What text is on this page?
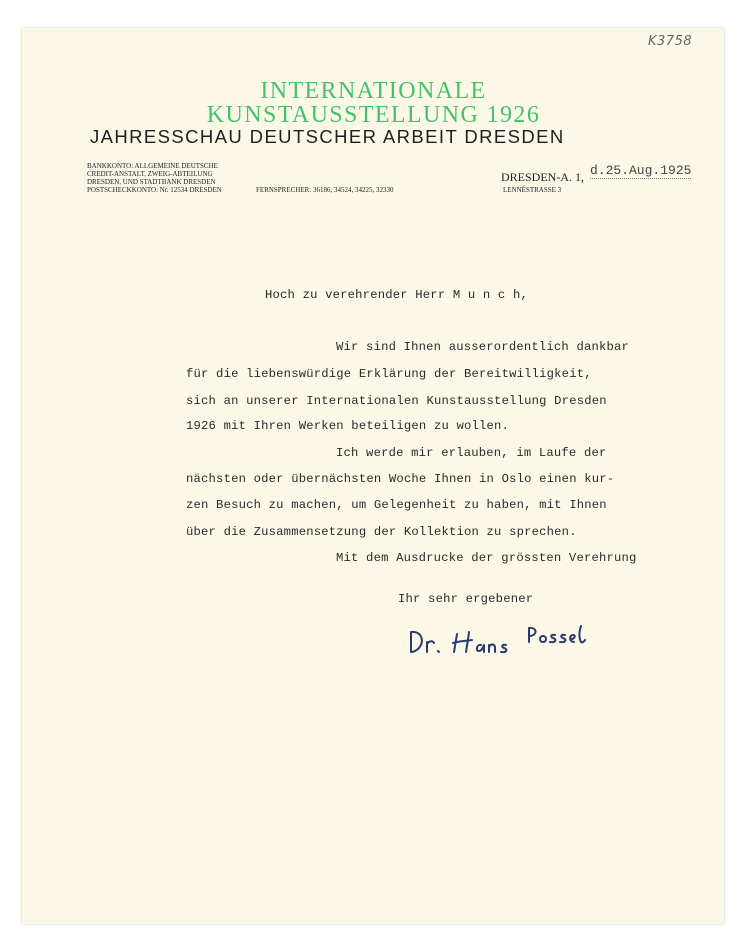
K3758
INTERNATIONALE
KUNSTAUSSTELLUNG 1926
JAHRESSCHAU DEUTSCHER ARBEIT DRESDEN
BANKKONTO: ALLGEMEINE DEUTSCHE
CREDIT-ANSTALT, ZWEIG-ABTEILUNG
DRESDEN, UND STADTBANK DRESDEN
POSTSCHECKKONTO: Nr. 12534 DRESDEN	FERNSPRECHER: 36186, 34524, 34225, 32330
DRESDEN-A. 1, d.25.Aug.1925
LENNÉSTRASSE 3
Hoch zu verehrender Herr M u n c h,
Wir sind Ihnen ausserordentlich dankbar
für die liebenswürdige Erklärung der Bereitwilligkeit,
sich an unserer Internationalen Kunstausstellung Dresden
1926 mit Ihren Werken beteiligen zu wollen.
Ich werde mir erlauben, im Laufe der
nächsten oder übernächsten Woche Ihnen in Oslo einen kur-
zen Besuch zu machen, um Gelegenheit zu haben, mit Ihnen
über die Zusammensetzung der Kollektion zu sprechen.
Mit dem Ausdrucke der grössten Verehrung
Ihr sehr ergebener
